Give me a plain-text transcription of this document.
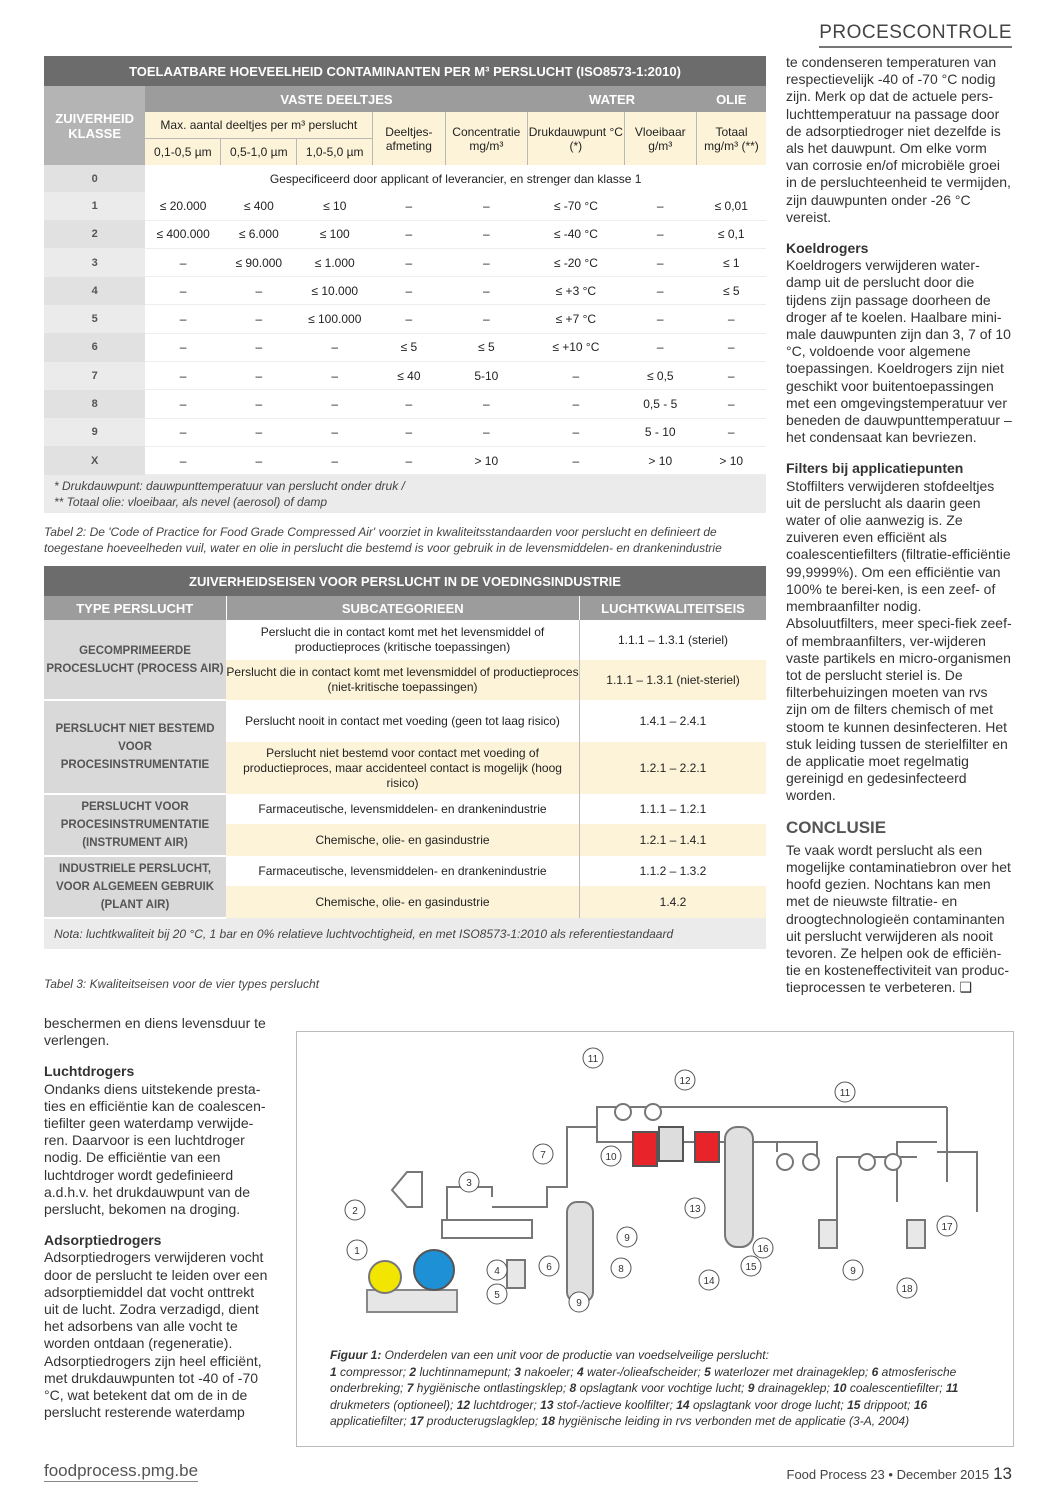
PROCESCONTROLE
TOELAATBARE HOEVEELHEID CONTAMINANTEN PER M³ PERSLUCHT (ISO8573-1:2010)								
ZUIVERHEID KLASSE	VASTE DEELTJES					WATER		OLIE
	Max. aantal deeltjes per m³ perslucht			Deeltjes-afmeting	Concentratie mg/m³	Drukdauwpunt °C (*)	Vloeibaar g/m³	Totaal mg/m³ (**)
	0,1-0,5 µm	0,5-1,0 µm	1,0-5,0 µm					
0	Gespecificeerd door applicant of leverancier, en strenger dan klasse 1							
1	≤ 20.000	≤ 400	≤ 10	–	–	≤ -70 °C	–	≤ 0,01
2	≤ 400.000	≤ 6.000	≤ 100	–	–	≤ -40 °C	–	≤ 0,1
3	–	≤ 90.000	≤ 1.000	–	–	≤ -20 °C	–	≤ 1
4	–	–	≤ 10.000	–	–	≤ +3 °C	–	≤ 5
5	–	–	≤ 100.000	–	–	≤ +7 °C	–	–
6	–	–	–	≤ 5	≤ 5	≤ +10 °C	–	–
7	–	–	–	≤ 40	5-10	–	≤ 0,5	–
8	–	–	–	–	–	–	0,5 - 5	–
9	–	–	–	–	–	–	5 - 10	–
X	–	–	–	–	> 10	–	> 10	> 10

* Drukdauwpunt: dauwpunttemperatuur van perslucht onder druk /
** Totaal olie: vloeibaar, als nevel (aerosol) of damp								
Tabel 2: De 'Code of Practice for Food Grade Compressed Air' voorziet in kwaliteitsstandaarden voor perslucht en definieert de toegestane hoeveelheden vuil, water en olie in perslucht die bestemd is voor gebruik in de levensmiddelen- en drankenindustrie
ZUIVERHEIDSEISEN VOOR PERSLUCHT IN DE VOEDINGSINDUSTRIE		
TYPE PERSLUCHT	SUBCATEGORIEEN	LUCHTKWALITEITSEIS
GECOMPRIMEERDE PROCESLUCHT (PROCESS AIR)	Perslucht die in contact komt met het levensmiddel of productieproces (kritische toepassingen)	1.1.1 – 1.3.1 (steriel)
	Perslucht die in contact komt met levensmiddel of productieproces (niet-kritische toepassingen)	1.1.1 – 1.3.1 (niet-steriel)
PERSLUCHT NIET BESTEMD VOOR PROCESINSTRUMENTATIE	Perslucht nooit in contact met voeding (geen tot laag risico)	1.4.1 – 2.4.1
	Perslucht niet bestemd voor contact met voeding of productieproces, maar accidenteel contact is mogelijk (hoog risico)	1.2.1 – 2.2.1
PERSLUCHT VOOR PROCESINSTRUMENTATIE (INSTRUMENT AIR)	Farmaceutische, levensmiddelen- en drankenindustrie	1.1.1 – 1.2.1
	Chemische, olie- en gasindustrie	1.2.1 – 1.4.1
INDUSTRIELE PERSLUCHT, VOOR ALGEMEEN GEBRUIK (PLANT AIR)	Farmaceutische, levensmiddelen- en drankenindustrie	1.1.2 – 1.3.2
	Chemische, olie- en gasindustrie	1.4.2
Nota: luchtkwaliteit bij 20 °C, 1 bar en 0% relatieve luchtvochtigheid, en met ISO8573-1:2010 als referentiestandaard		
Tabel 3: Kwaliteitseisen voor de vier types perslucht

te condenseren temperaturen van respectievelijk -40 of -70 °C nodig zijn. Merk op dat de actuele pers-luchttemperatuur na passage door de adsorptiedroger niet dezelfde is als het dauwpunt. Om elke vorm van corrosie en/of microbiële groei in de persluchteenheid te vermijden, zijn dauwpunten onder -26 °C vereist.

Koeldrogers

Koeldrogers verwijderen water-damp uit de perslucht door die tijdens zijn passage doorheen de droger af te koelen. Haalbare mini-male dauwpunten zijn dan 3, 7 of 10 °C, voldoende voor algemene toepassingen. Koeldrogers zijn niet geschikt voor buitentoepassingen met een omgevingstemperatuur ver beneden de dauwpunttemperatuur – het condensaat kan bevriezen.

Filters bij applicatiepunten

Stoffilters verwijderen stofdeeltjes uit de perslucht als daarin geen water of olie aanwezig is. Ze zuiveren even efficiënt als coalescentiefilters (filtratie-efficiëntie 99,9999%). Om een efficiëntie van 100% te berei-ken, is een zeef- of membraanfilter nodig. Absoluutfilters, meer speci-fiek zeef- of membraanfilters, ver-wijderen vaste partikels en micro-organismen tot de perslucht steriel is. De filterbehuizingen moeten van rvs zijn om de filters chemisch of met stoom te kunnen desinfecteren. Het stuk leiding tussen de sterielfilter en de applicatie moet regelmatig gereinigd en gedesinfecteerd worden.

CONCLUSIE

Te vaak wordt perslucht als een mogelijke contaminatiebron over het hoofd gezien. Nochtans kan men met de nieuwste filtratie- en droogtechnologieën contaminanten uit perslucht verwijderen als nooit tevoren. Ze helpen ook de efficiën-tie en kosteneffectiviteit van produc-tieprocessen te verbeteren. ❑

beschermen en diens levensduur te verlengen.

Luchtdrogers

Ondanks diens uitstekende presta-ties en efficiëntie kan de coalescen-tiefilter geen waterdamp verwijde-ren. Daarvoor is een luchtdroger nodig. De efficiëntie van een luchtdroger wordt gedefinieerd a.d.h.v. het drukdauwpunt van de perslucht, bekomen na droging.

Adsorptiedrogers

Adsorptiedrogers verwijderen vocht door de perslucht te leiden over een adsorptiemiddel dat vocht onttrekt uit de lucht. Zodra verzadigd, dient het adsorbens van alle vocht te worden ontdaan (regeneratie). Adsorptiedrogers zijn heel efficiënt, met drukdauwpunten tot -40 of -70 °C, wat betekent dat om de in de perslucht resterende waterdamp

1
2
3
4
5
6
7
8
9
9
9
10
11
11
12
13
14
15
16
17
18
Figuur 1: Onderdelen van een unit voor de productie van voedselveilige perslucht:
1 compressor; 2 luchtinnamepunt; 3 nakoeler; 4 water-/olieafscheider; 5 waterlozer met drainageklep; 6 atmosferische onderbreking; 7 hygiënische ontlastingsklep; 8 opslagtank voor vochtige lucht; 9 drainageklep; 10 coalescentiefilter; 11 drukmeters (optioneel); 12 luchtdroger; 13 stof-/actieve koolfilter; 14 opslagtank voor droge lucht; 15 drippoot; 16 applicatiefilter; 17 producterugslagklep; 18 hygiënische leiding in rvs verbonden met de applicatie (3-A, 2004)
foodprocess.pmg.be	Food Process 23 • December 2015 13
